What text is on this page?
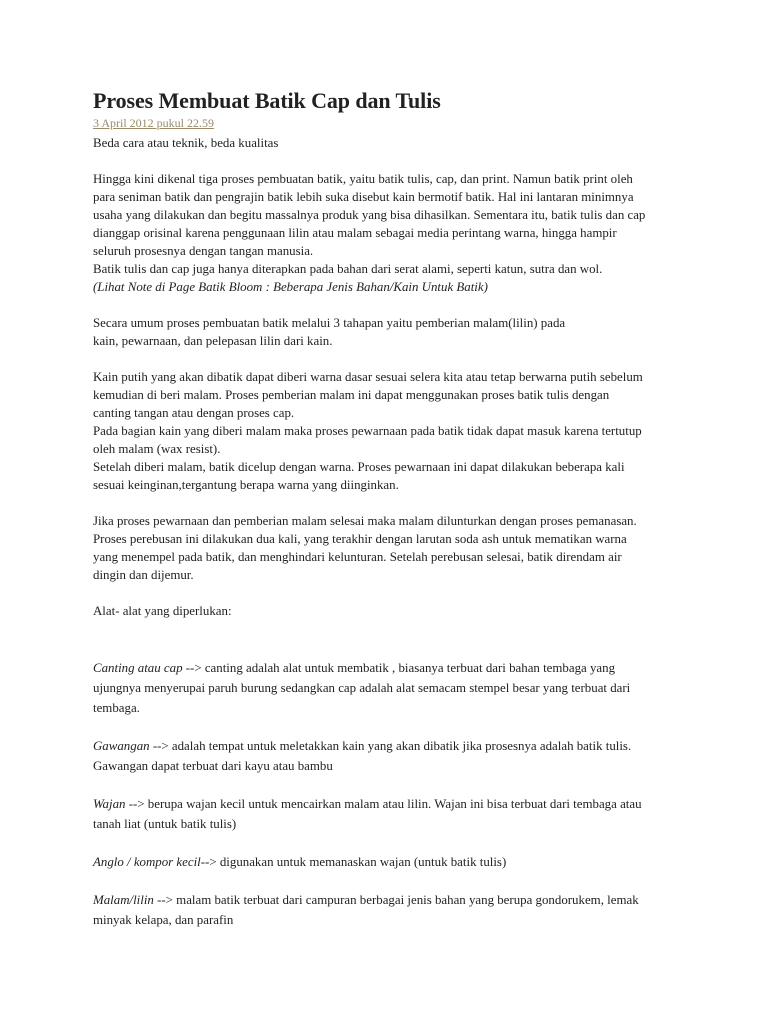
Proses Membuat Batik Cap dan Tulis
3 April 2012 pukul 22.59

Beda cara atau teknik, beda kualitas

Hingga kini dikenal tiga proses pembuatan batik, yaitu batik tulis, cap, dan print. Namun batik print oleh

para seniman batik dan pengrajin batik lebih suka disebut kain bermotif batik. Hal ini lantaran minimnya

usaha yang dilakukan dan begitu massalnya produk yang bisa dihasilkan. Sementara itu, batik tulis dan cap

dianggap orisinal karena penggunaan lilin atau malam sebagai media perintang warna, hingga hampir

seluruh prosesnya dengan tangan manusia.

Batik tulis dan cap juga hanya diterapkan pada bahan dari serat alami, seperti katun, sutra dan wol.

(Lihat Note di Page Batik Bloom : Beberapa Jenis Bahan/Kain Untuk Batik)

Secara umum proses pembuatan batik melalui 3 tahapan yaitu pemberian malam(lilin) pada

kain, pewarnaan, dan pelepasan lilin dari kain.

Kain putih yang akan dibatik dapat diberi warna dasar sesuai selera kita atau tetap berwarna putih sebelum

kemudian di beri malam. Proses pemberian malam ini dapat menggunakan proses batik tulis dengan

canting tangan atau dengan proses cap.

Pada bagian kain yang diberi malam maka proses pewarnaan pada batik tidak dapat masuk karena tertutup

oleh malam (wax resist).

Setelah diberi malam, batik dicelup dengan warna. Proses pewarnaan ini dapat dilakukan beberapa kali

sesuai keinginan,tergantung berapa warna yang diinginkan.

Jika proses pewarnaan dan pemberian malam selesai maka malam dilunturkan dengan proses pemanasan.

Proses perebusan ini dilakukan dua kali, yang terakhir dengan larutan soda ash untuk mematikan warna

yang menempel pada batik, dan menghindari kelunturan. Setelah perebusan selesai, batik direndam air

dingin dan dijemur.

Alat- alat yang diperlukan:

Canting atau cap --> canting adalah alat untuk membatik , biasanya terbuat dari bahan tembaga yang

ujungnya menyerupai paruh burung sedangkan cap adalah alat semacam stempel besar yang terbuat dari

tembaga.

Gawangan --> adalah tempat untuk meletakkan kain yang akan dibatik jika prosesnya adalah batik tulis.

Gawangan dapat terbuat dari kayu atau bambu

Wajan --> berupa wajan kecil untuk mencairkan malam atau lilin. Wajan ini bisa terbuat dari tembaga atau

tanah liat (untuk batik tulis)

Anglo / kompor kecil--> digunakan untuk memanaskan wajan (untuk batik tulis)

Malam/lilin --> malam batik terbuat dari campuran berbagai jenis bahan yang berupa gondorukem, lemak

minyak kelapa, dan parafin
